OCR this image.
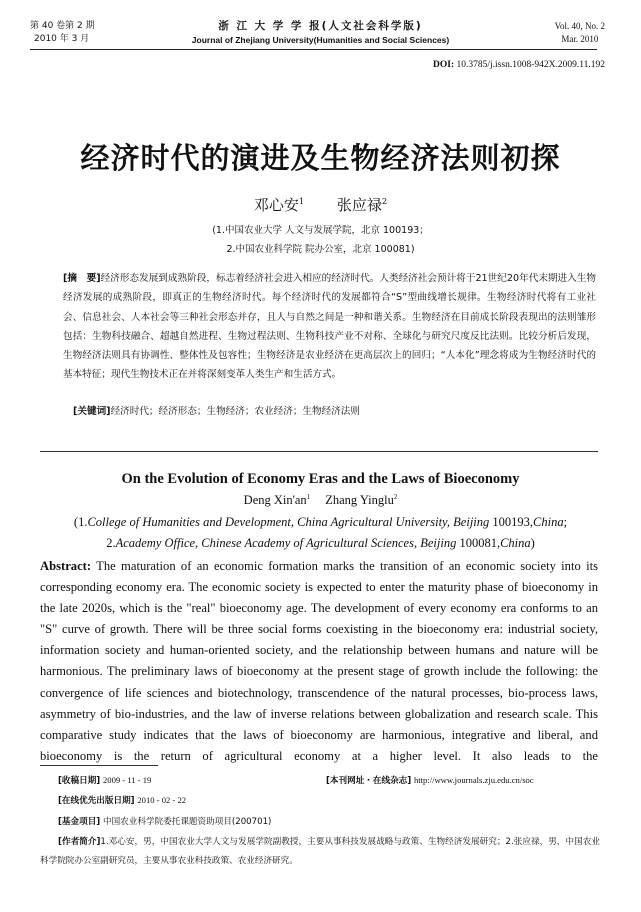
第 40 卷第 2 期
2010 年 3 月
浙 江 大 学 学 报(人文社会科学版)
Journal of Zhejiang University(Humanities and Social Sciences)
Vol. 40, No. 2
Mar. 2010
DOI: 10.3785/j.issn.1008-942X.2009.11.192
经济时代的演进及生物经济法则初探
邓心安$^1$ 张应禄$^2$
(1.中国农业大学 人文与发展学院，北京 100193；
2.中国农业科学院 院办公室，北京 100081)
[摘　要]经济形态发展到成熟阶段，标志着经济社会进入相应的经济时代。人类经济社会预计将于21世纪20年代末期进入生物经济发展的成熟阶段，即真正的生物经济时代。每个经济时代的发展都符合“S”型曲线增长规律。生物经济时代将有工业社会、信息社会、人本社会等三种社会形态并存，且人与自然之间是一种和谐关系。生物经济在目前成长阶段表现出的法则雏形包括：生物科技融合、超越自然进程、生物过程法则、生物科技产业不对称、全球化与研究尺度反比法则。比较分析后发现，生物经济法则具有协调性、整体性及包容性；生物经济是农业经济在更高层次上的回归；“人本化”理念将成为生物经济时代的基本特征；现代生物技术正在并将深刻变革人类生产和生活方式。
[关键词]经济时代；经济形态；生物经济；农业经济；生物经济法则
On the Evolution of Economy Eras and the Laws of Bioeconomy
Deng $Xin'an^1$ Zhang Yinglu$^2$
(1.College of Humanities and Development, China Agricultural University, Beijing 100193,China;
2.Academy Office, Chinese Academy of Agricultural Sciences, Beijing 100081,China)
Abstract: The maturation of an economic formation marks the transition of an economic society into its corresponding economy era. The economic society is expected to enter the maturity phase of bioeconomy in the late 2020s, which is the "real" bioeconomy age. The development of every economy era conforms to an "S" curve of growth. There will be three social forms coexisting in the bioeconomy era: industrial society, information society and human-oriented society, and the relationship between humans and nature will be harmonious. The preliminary laws of bioeconomy at the present stage of growth include the following: the convergence of life sciences and biotechnology, transcendence of the natural processes, bio-process laws, asymmetry of bio-industries, and the law of inverse relations between globalization and research scale. This comparative study indicates that the laws of bioeconomy are harmonious, integrative and liberal, and bioeconomy is the return of agricultural economy at a higher level. It also leads to the
[收稿日期] 2009 - 11 - 19	[本刊网址・在线杂志] http://www.journals.zju.edu.cn/soc
[在线优先出版日期] 2010 - 02 - 22
[基金项目] 中国农业科学院委托课题资助项目(200701)
[作者简介]1.邓心安，男，中国农业大学人文与发展学院副教授，主要从事科技发展战略与政策、生物经济发展研究；2.张应禄，男，中国农业科学院院办公室副研究员，主要从事农业科技政策、农业经济研究。
